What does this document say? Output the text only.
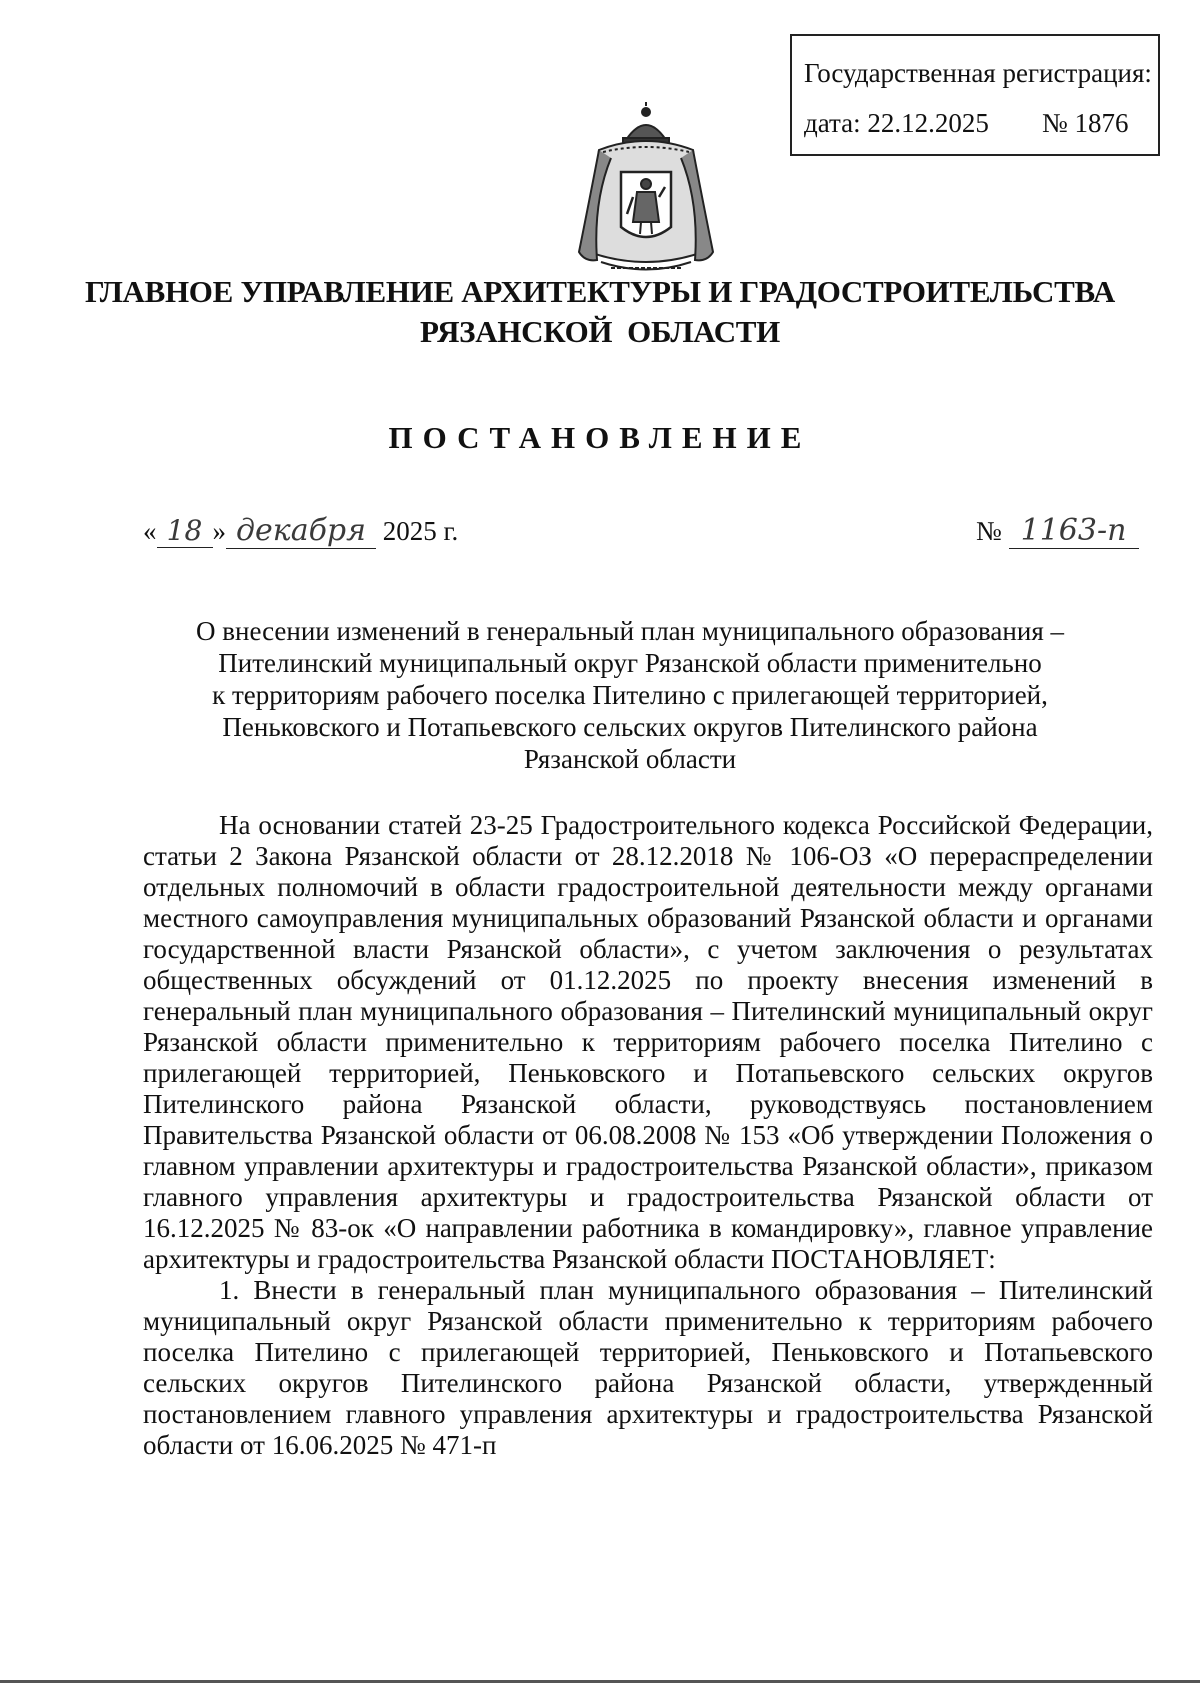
Государственная регистрация:
дата: 22.12.2025 № 1876
ГЛАВНОЕ УПРАВЛЕНИЕ АРХИТЕКТУРЫ И ГРАДОСТРОИТЕЛЬСТВА
РЯЗАНСКОЙ  ОБЛАСТИ
ПОСТАНОВЛЕНИЕ
« 18 » декабря 2025 г.	№ 1163-п
О внесении изменений в генеральный план муниципального образования –
Пителинский муниципальный округ Рязанской области применительно
к территориям рабочего поселка Пителино с прилегающей территорией,
Пеньковского и Потапьевского сельских округов Пителинского района
Рязанской области

На основании статей 23-25 Градостроительного кодекса Российской Федерации, статьи 2 Закона Рязанской области от 28.12.2018 № 106-ОЗ «О перераспределении отдельных полномочий в области градостроительной деятельности между органами местного самоуправления муниципальных образований Рязанской области и органами государственной власти Рязанской области», с учетом заключения о результатах общественных обсуждений от 01.12.2025 по проекту внесения изменений в генеральный план муниципального образования – Пителинский муниципальный округ Рязанской области применительно к территориям рабочего поселка Пителино с прилегающей территорией, Пеньковского и Потапьевского сельских округов Пителинского района Рязанской области, руководствуясь постановлением Правительства Рязанской области от 06.08.2008 № 153 «Об утверждении Положения о главном управлении архитектуры и градостроительства Рязанской области», приказом главного управления архитектуры и градостроительства Рязанской области от 16.12.2025 № 83-ок «О направлении работника в командировку», главное управление архитектуры и градостроительства Рязанской области ПОСТАНОВЛЯЕТ:

1. Внести в генеральный план муниципального образования – Пителинский муниципальный округ Рязанской области применительно к территориям рабочего поселка Пителино с прилегающей территорией, Пеньковского и Потапьевского сельских округов Пителинского района Рязанской области, утвержденный постановлением главного управления архитектуры и градостроительства Рязанской области от 16.06.2025 № 471-п
